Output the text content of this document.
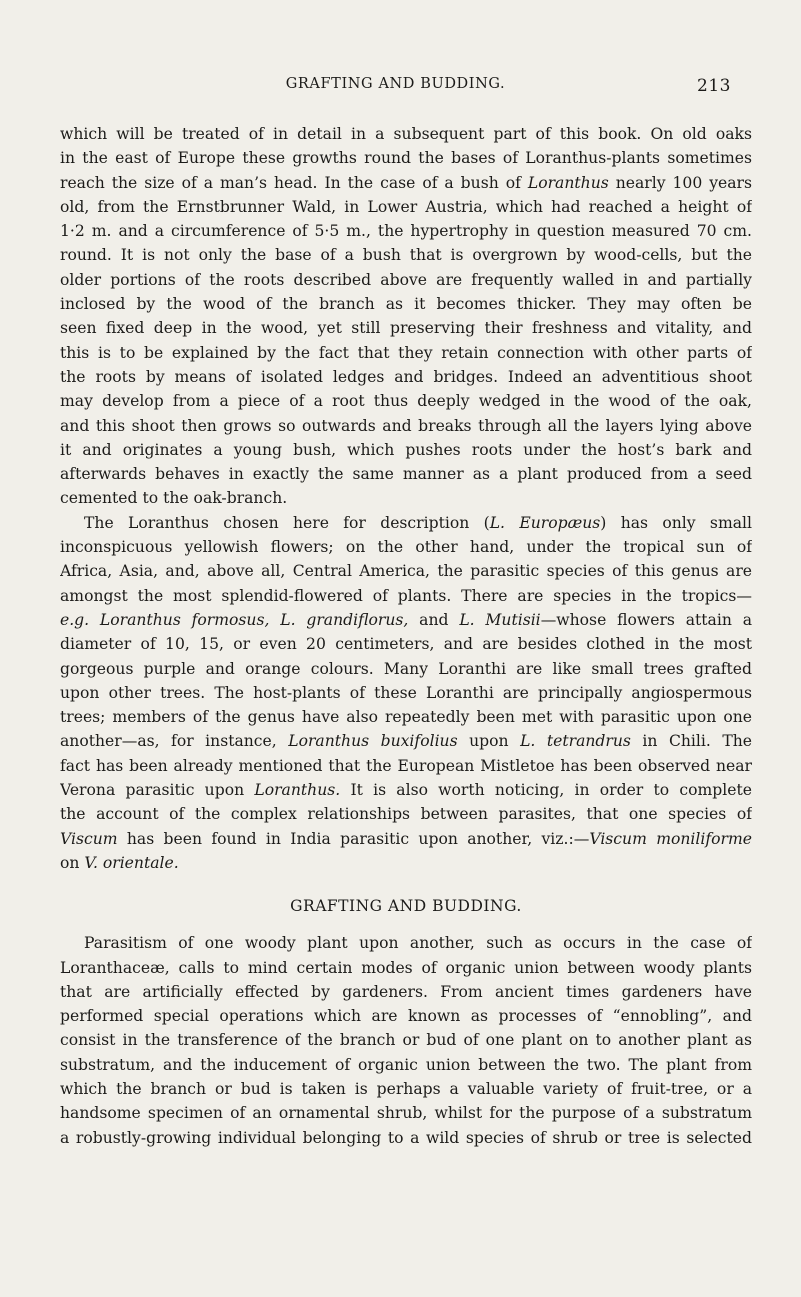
GRAFTING AND BUDDING.	213

which will be treated of in detail in a subsequent part of this book. On old oaks

in the east of Europe these growths round the bases of Loranthus-plants sometimes

reach the size of a man’s head. In the case of a bush of Loranthus nearly 100 years

old, from the Ernstbrunner Wald, in Lower Austria, which had reached a height of

1·2 m. and a circumference of 5·5 m., the hypertrophy in question measured 70 cm.

round. It is not only the base of a bush that is overgrown by wood-cells, but the

older portions of the roots described above are frequently walled in and partially

inclosed by the wood of the branch as it becomes thicker. They may often be

seen fixed deep in the wood, yet still preserving their freshness and vitality, and

this is to be explained by the fact that they retain connection with other parts of

the roots by means of isolated ledges and bridges. Indeed an adventitious shoot

may develop from a piece of a root thus deeply wedged in the wood of the oak,

and this shoot then grows so outwards and breaks through all the layers lying above

it and originates a young bush, which pushes roots under the host’s bark and

afterwards behaves in exactly the same manner as a plant produced from a seed

cemented to the oak-branch.

The Loranthus chosen here for description (L. Europæus) has only small

inconspicuous yellowish flowers; on the other hand, under the tropical sun of

Africa, Asia, and, above all, Central America, the parasitic species of this genus are

amongst the most splendid-flowered of plants. There are species in the tropics—

e.g. Loranthus formosus, L. grandiflorus, and L. Mutisii—whose flowers attain a

diameter of 10, 15, or even 20 centimeters, and are besides clothed in the most

gorgeous purple and orange colours. Many Loranthi are like small trees grafted

upon other trees. The host-plants of these Loranthi are principally angiospermous

trees; members of the genus have also repeatedly been met with parasitic upon one

another—as, for instance, Loranthus buxifolius upon L. tetrandrus in Chili. The

fact has been already mentioned that the European Mistletoe has been observed near

Verona parasitic upon Loranthus. It is also worth noticing, in order to complete

the account of the complex relationships between parasites, that one species of

Viscum has been found in India parasitic upon another, viz.:—Viscum moniliforme

on V. orientale.

GRAFTING AND BUDDING.

Parasitism of one woody plant upon another, such as occurs in the case of

Loranthaceæ, calls to mind certain modes of organic union between woody plants

that are artificially effected by gardeners. From ancient times gardeners have

performed special operations which are known as processes of “ennobling”, and

consist in the transference of the branch or bud of one plant on to another plant as

substratum, and the inducement of organic union between the two. The plant from

which the branch or bud is taken is perhaps a valuable variety of fruit-tree, or a

handsome specimen of an ornamental shrub, whilst for the purpose of a substratum

a robustly-growing individual belonging to a wild species of shrub or tree is selected
